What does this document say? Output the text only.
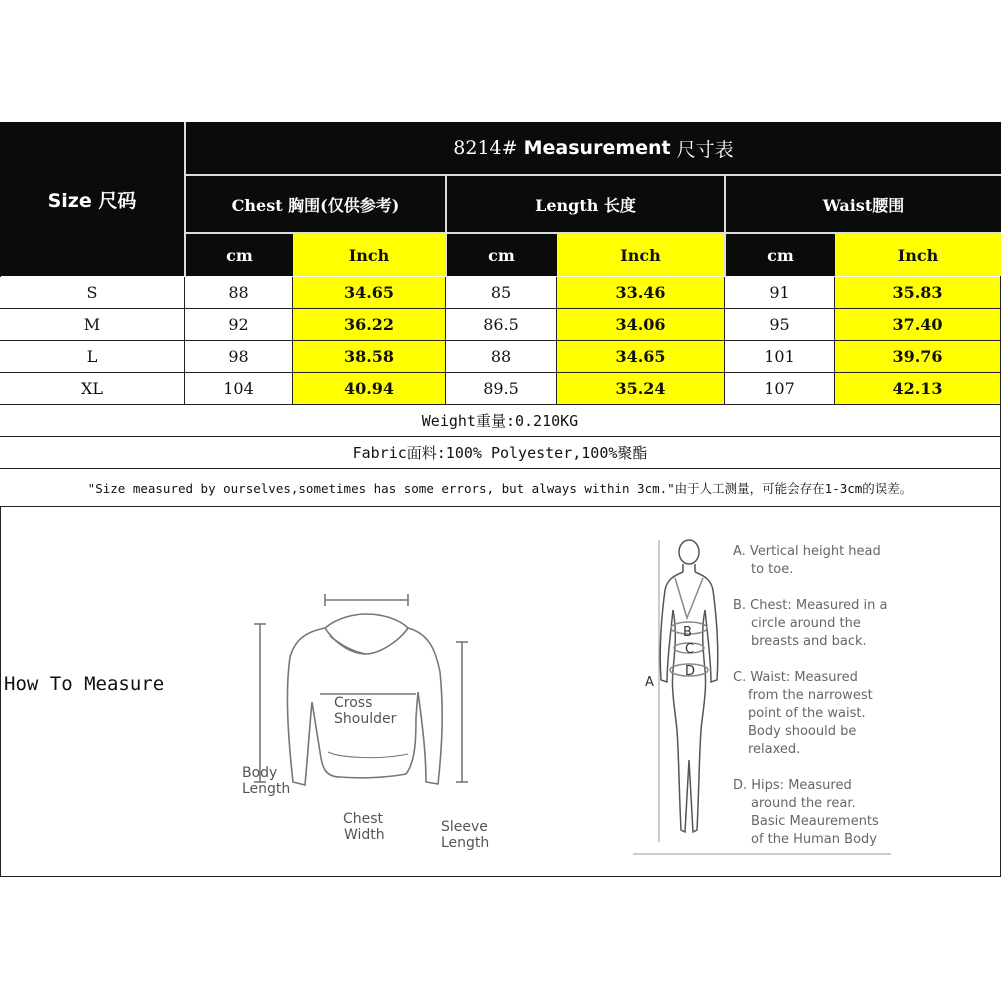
Size 尺码
8214#
Measurement
尺寸表
Chest 胸围(仅供参考)	Length 长度	Waist腰围
cm	Inch	cm	Inch	cm	Inch
S	88	34.65	85	33.46	91	35.83
M	92	36.22	86.5	34.06	95	37.40
L	98	38.58	88	34.65	101	39.76
XL	104	40.94	89.5	35.24	107	42.13
Weight重量:0.210KG
Fabric面料:100% Polyester,100%聚酯
"Size measured by ourselves,sometimes has some errors, but always within 3cm."由于人工测量，可能会存在1-3cm的误差。
How To Measure
Cross
Shoulder
Body
Length
Chest
Width	Sleeve
Length
B
C
D
A
A. Vertical height head
to toe.
B. Chest: Measured in a
circle around the
breasts and back.
C. Waist: Measured
from the narrowest
point of the waist.
Body shoould be
relaxed.
D. Hips: Measured
around the rear.
Basic Meaurements
of the Human Body
